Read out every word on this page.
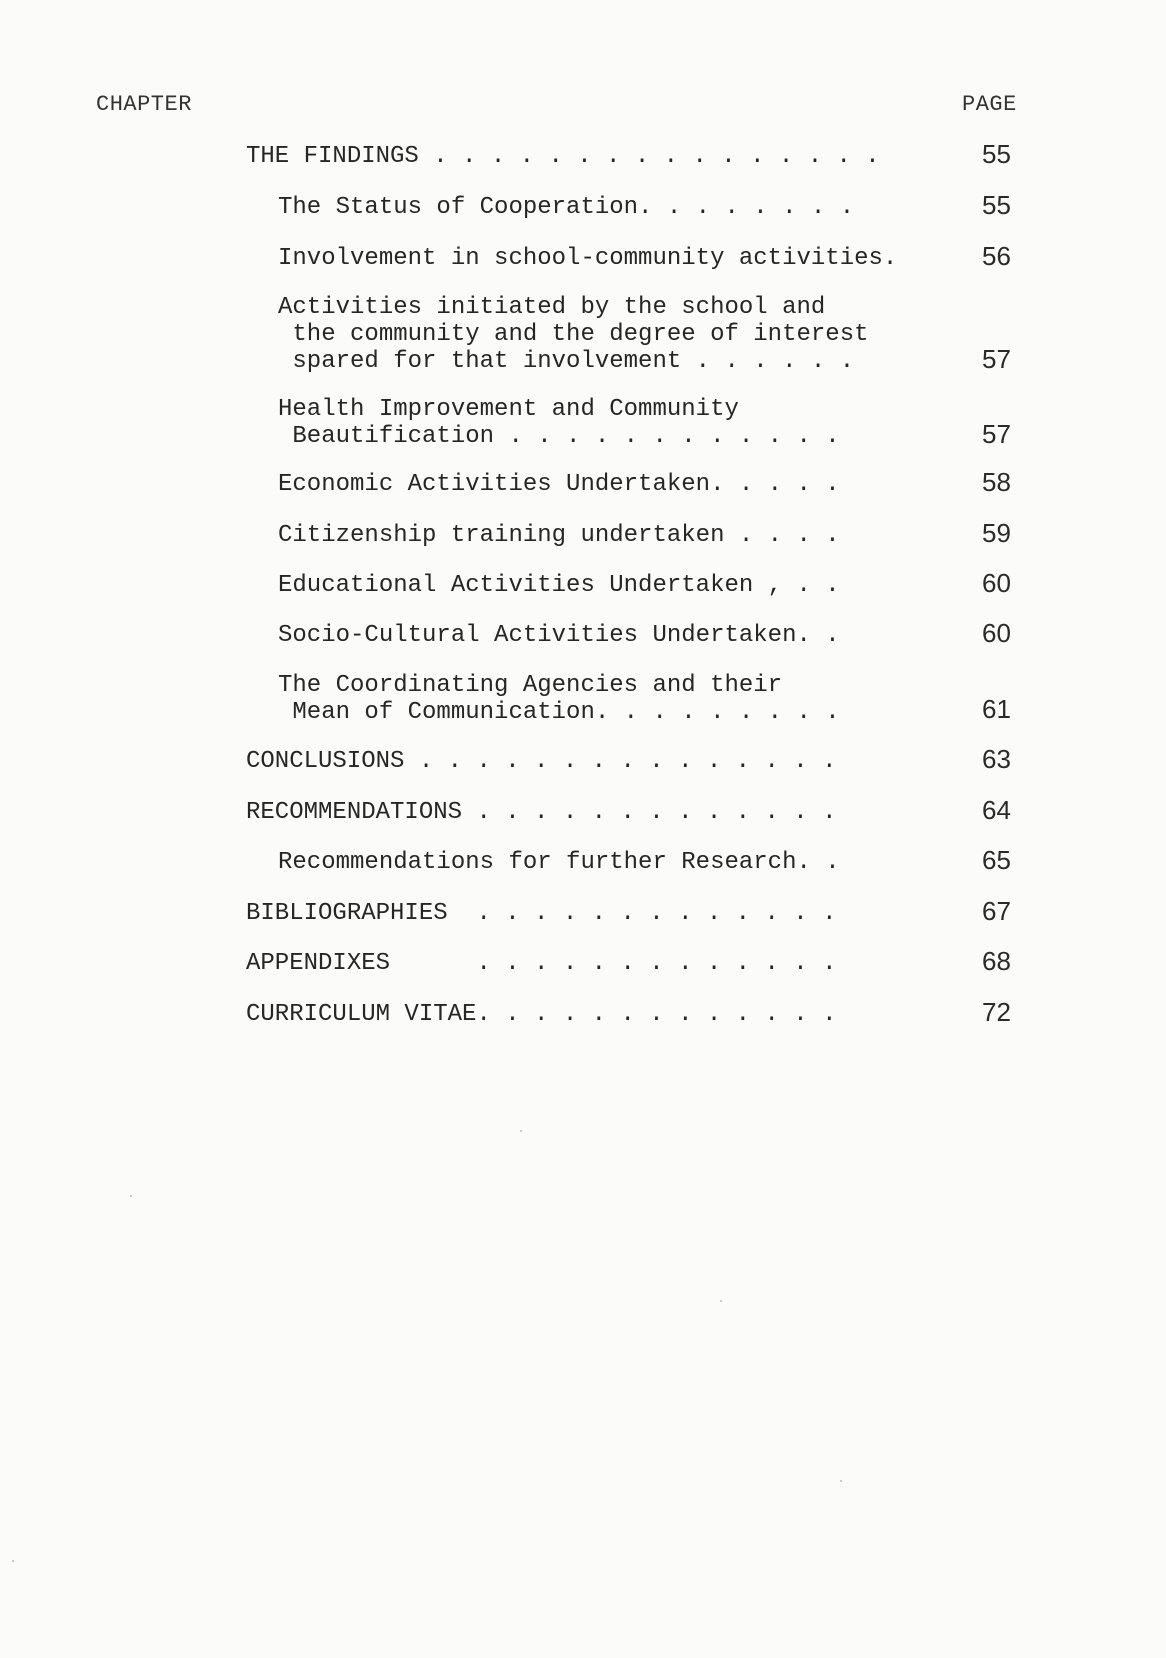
CHAPTER	PAGE
THE FINDINGS . . . . . . . . . . . . . . . .	55
The Status of Cooperation. . . . . . . .	55
Involvement in school-community activities.	56
Activities initiated by the school and
the community and the degree of interest
spared for that involvement . . . . . .	57
Health Improvement and Community
Beautification . . . . . . . . . . . .	57
Economic Activities Undertaken. . . . .	58
Citizenship training undertaken . . . .	59
Educational Activities Undertaken , . .	60
Socio-Cultural Activities Undertaken. .	60
The Coordinating Agencies and their
Mean of Communication. . . . . . . . .	61
CONCLUSIONS . . . . . . . . . . . . . . .	63
RECOMMENDATIONS . . . . . . . . . . . . .	64
Recommendations for further Research. .	65
BIBLIOGRAPHIES  . . . . . . . . . . . . .	67
APPENDIXES      . . . . . . . . . . . . .	68
CURRICULUM VITAE. . . . . . . . . . . . .	72
